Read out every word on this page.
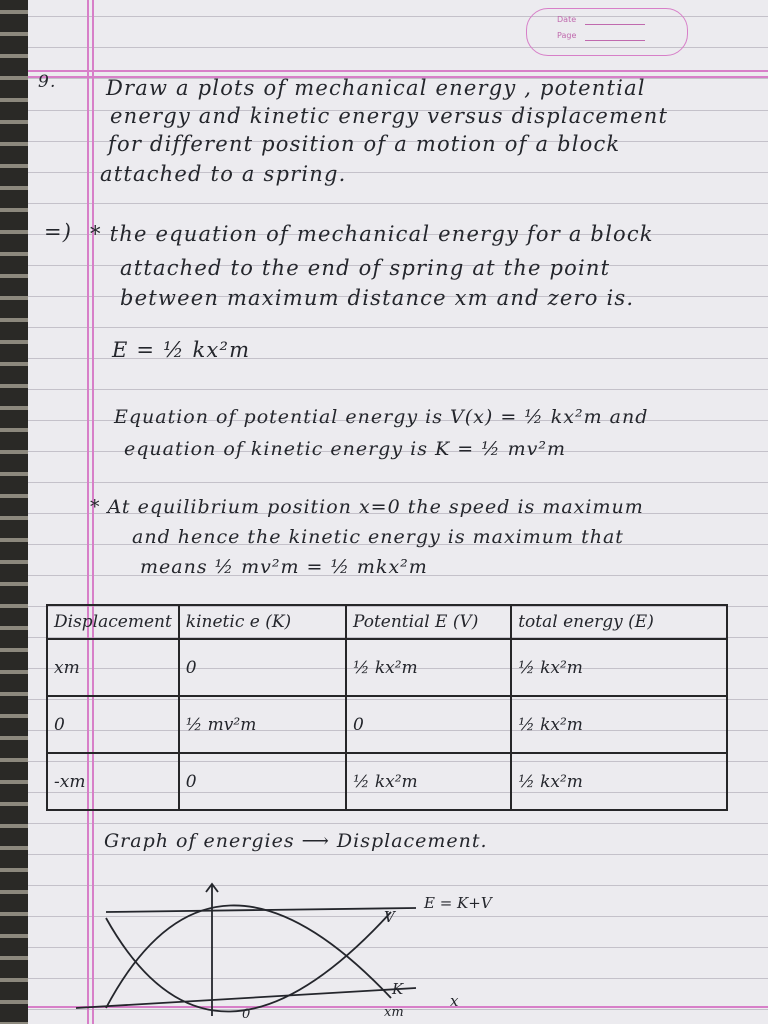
Date
Page
9. Draw a plots of mechanical energy , potential
energy and kinetic energy versus displacement
for different position of a motion of a block
attached to a spring.
=) * the equation of mechanical energy for a block
attached to the end of spring at the point
between maximum distance xm and zero is.
E = ½ kx²m
Equation of potential energy is V(x) = ½ kx²m and
equation of kinetic energy is K = ½ mv²m
* At equilibrium position x=0 the speed is maximum
and hence the kinetic energy is maximum that
means ½ mv²m = ½ mkx²m
Displacement	kinetic e (K)	Potential E (V)	total energy (E)
xm	0	½ kx²m	½ kx²m
0	½ mv²m	0	½ kx²m
-xm	0	½ kx²m	½ kx²m
Graph of energies ⟶ Displacement.
V
E = K+V
K
x
xm
0
